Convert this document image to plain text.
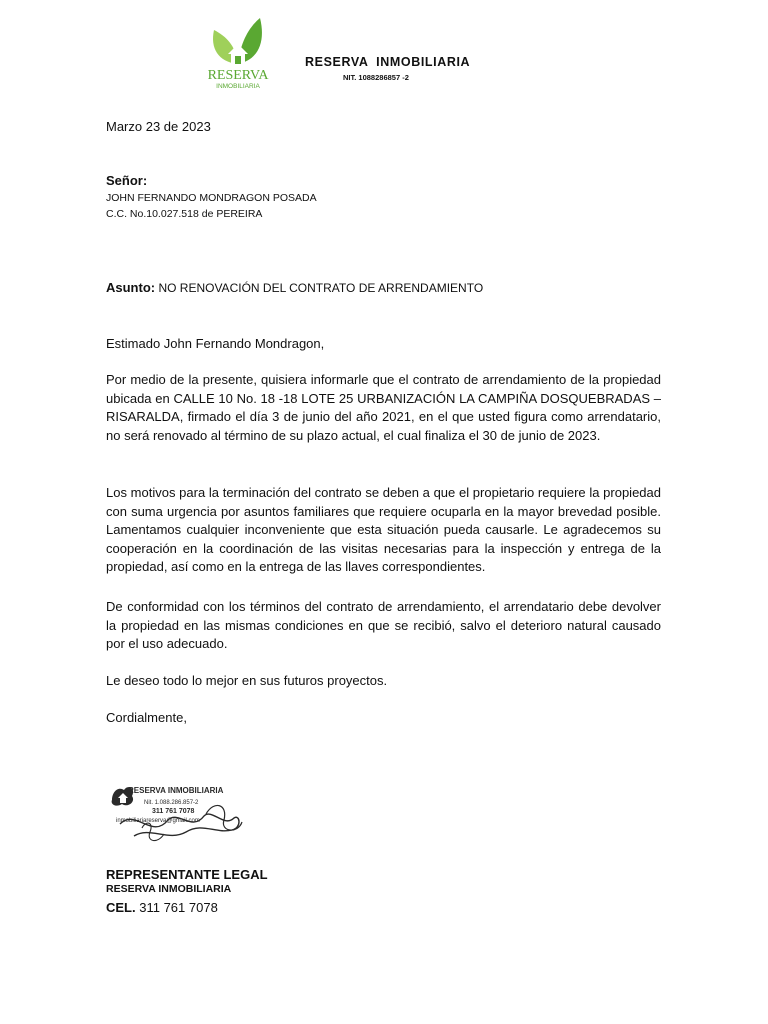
RESERVA
INMOBILIARIA
RESERVA  INMOBILIARIA
NIT. 1088286857 -2
Marzo 23 de 2023
Señor:
JOHN FERNANDO MONDRAGON POSADA
C.C. No.10.027.518 de PEREIRA
Asunto: NO RENOVACIÓN DEL CONTRATO DE ARRENDAMIENTO
Estimado John Fernando Mondragon,
Por medio de la presente, quisiera informarle que el contrato de arrendamiento de la propiedad ubicada en CALLE 10 No. 18 -18 LOTE 25 URBANIZACIÓN LA CAMPIÑA DOSQUEBRADAS – RISARALDA, firmado el día 3 de junio del año 2021, en el que usted figura como arrendatario, no será renovado al término de su plazo actual, el cual finaliza el 30 de junio de 2023.
Los motivos para la terminación del contrato se deben a que el propietario requiere la propiedad con suma urgencia por asuntos familiares que requiere ocuparla en la mayor brevedad posible. Lamentamos cualquier inconveniente que esta situación pueda causarle. Le agradecemos su cooperación en la coordinación de las visitas necesarias para la inspección y entrega de la propiedad, así como en la entrega de las llaves correspondientes.
De conformidad con los términos del contrato de arrendamiento, el arrendatario debe devolver la propiedad en las mismas condiciones en que se recibió, salvo el deterioro natural causado por el uso adecuado.
Le deseo todo lo mejor en sus futuros proyectos.
Cordialmente,
RESERVA INMOBILIARIA
Nit. 1.088.286.857-2
311 761 7078
inmobiliariareserva@gmail.com
REPRESENTANTE LEGAL
RESERVA INMOBILIARIA
CEL. 311 761 7078
